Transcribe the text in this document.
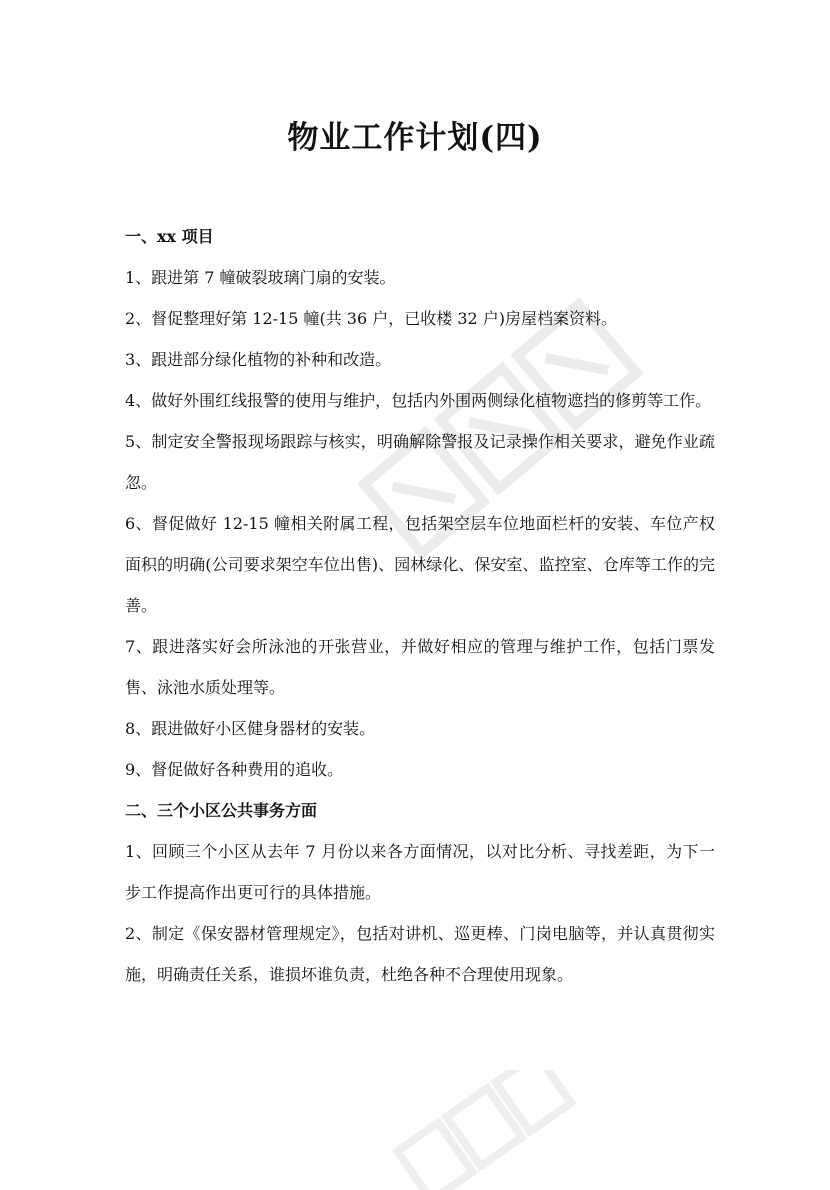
物业工作计划(四)

一、xx 项目

1、跟进第 7 幢破裂玻璃门扇的安装。

2、督促整理好第 12-15 幢(共 36 户，已收楼 32 户)房屋档案资料。

3、跟进部分绿化植物的补种和改造。

4、做好外围红线报警的使用与维护，包括内外围两侧绿化植物遮挡的修剪等工作。

5、制定安全警报现场跟踪与核实，明确解除警报及记录操作相关要求，避免作业疏忽。

6、督促做好 12-15 幢相关附属工程，包括架空层车位地面栏杆的安装、车位产权面积的明确(公司要求架空车位出售)、园林绿化、保安室、监控室、仓库等工作的完善。

7、跟进落实好会所泳池的开张营业，并做好相应的管理与维护工作，包括门票发售、泳池水质处理等。

8、跟进做好小区健身器材的安装。

9、督促做好各种费用的追收。

二、三个小区公共事务方面

1、回顾三个小区从去年 7 月份以来各方面情况，以对比分析、寻找差距，为下一步工作提高作出更可行的具体措施。

2、制定《保安器材管理规定》，包括对讲机、巡更棒、门岗电脑等，并认真贯彻实施，明确责任关系，谁损坏谁负责，杜绝各种不合理使用现象。
